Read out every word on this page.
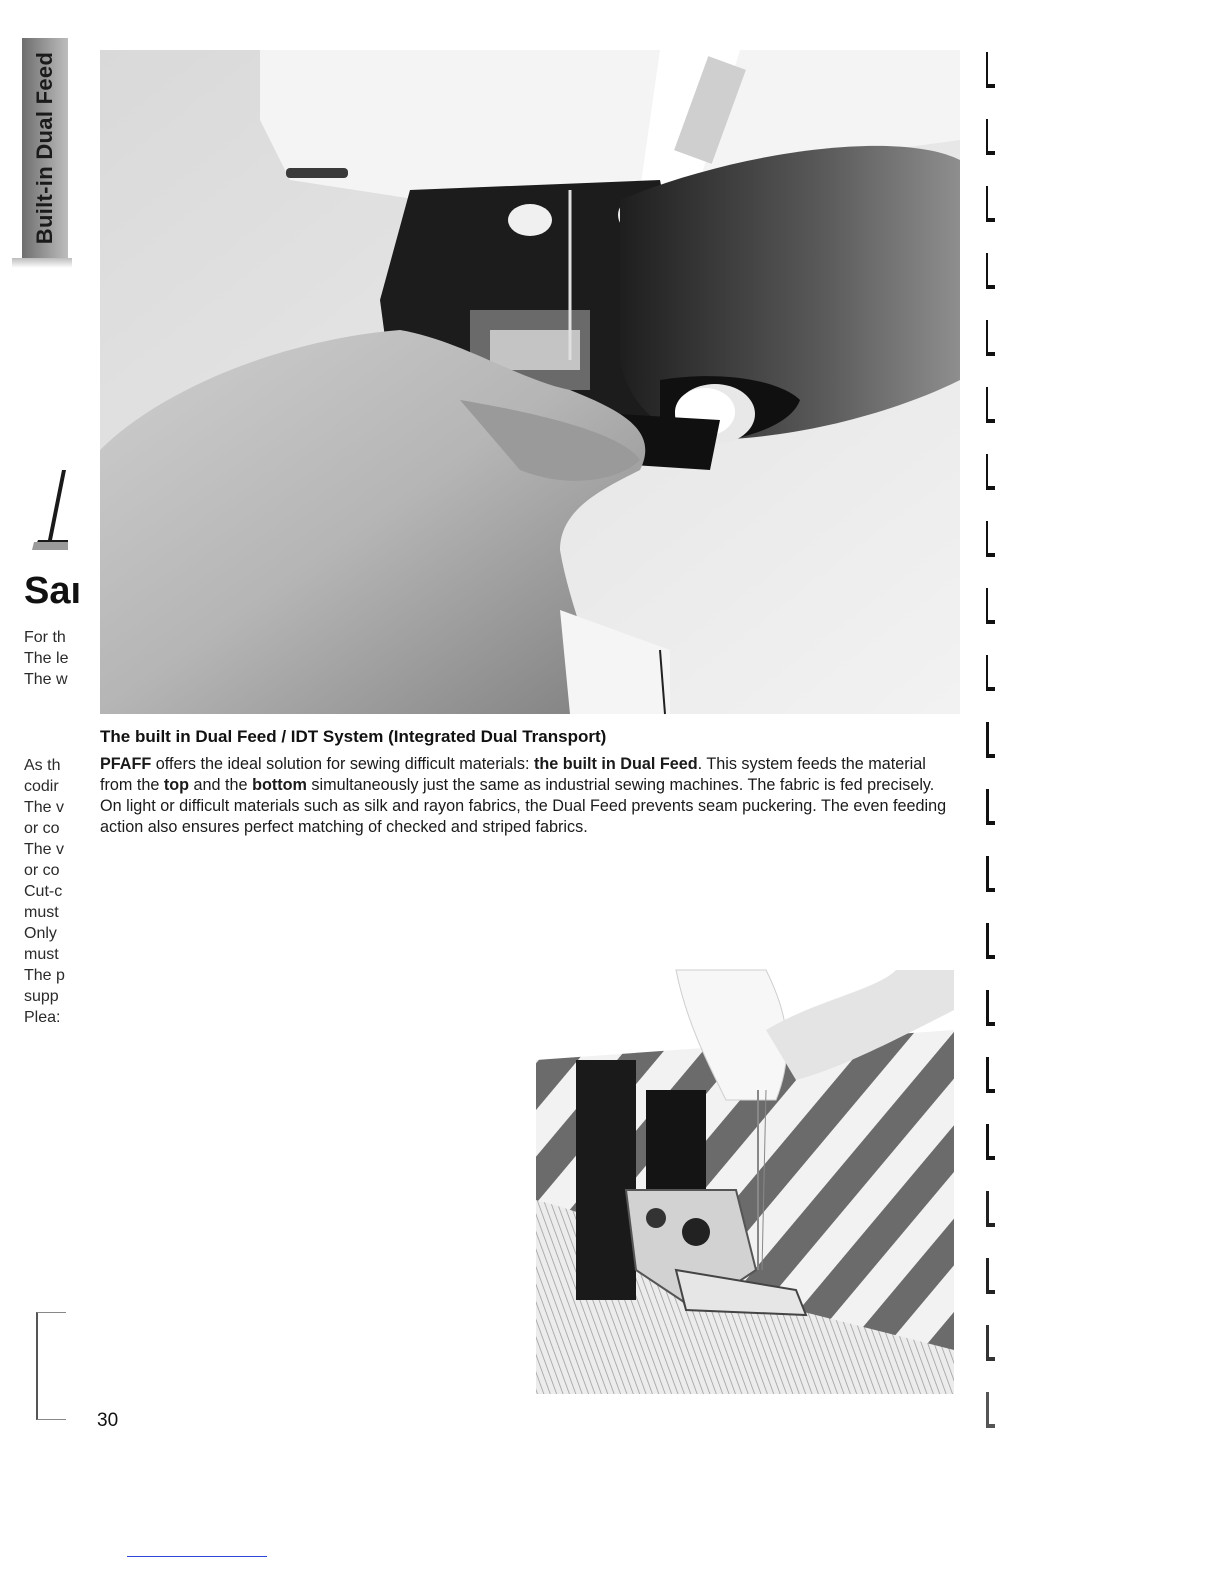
Built-in Dual Feed
Saı
For th
The le
The w
As th
codir
The v
or co
The v
or co
Cut-c
must
Only
must
The p
supp
Plea:
The built in Dual Feed / IDT System (Integrated Dual Transport)
PFAFF offers the ideal solution for sewing difficult materials: the built in Dual Feed. This system feeds the material from the top and the bottom simultaneously just the same as industrial sewing machines. The fabric is fed precisely. On light or difficult materials such as silk and rayon fabrics, the Dual Feed prevents seam puckering. The even feeding action also ensures perfect matching of checked and striped fabrics.
30
